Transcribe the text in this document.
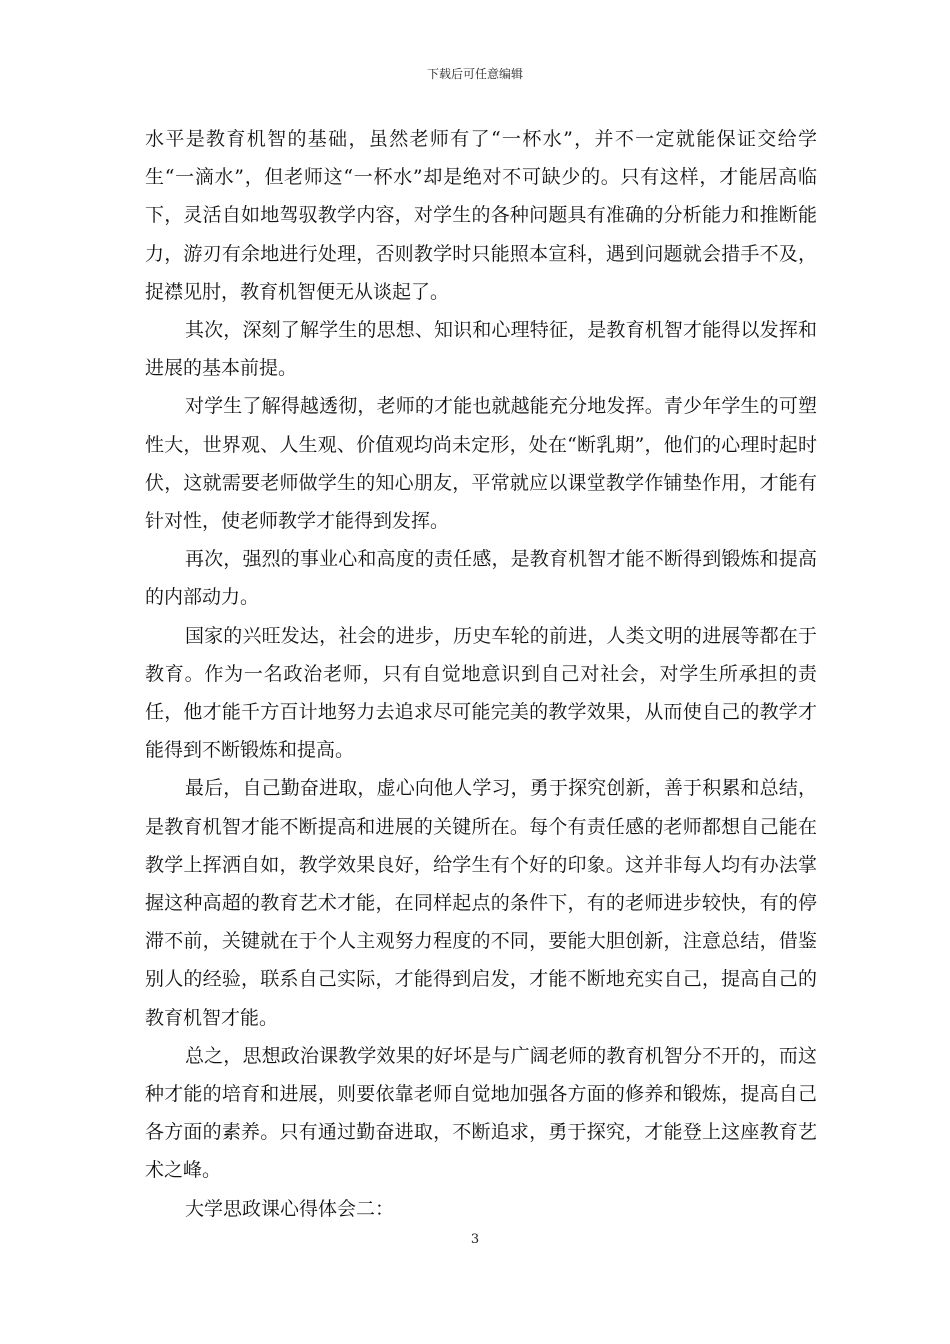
下载后可任意编辑

水平是教育机智的基础，虽然老师有了“一杯水”，并不一定就能保证交给学生“一滴水”，但老师这“一杯水”却是绝对不可缺少的。只有这样，才能居高临下，灵活自如地驾驭教学内容，对学生的各种问题具有准确的分析能力和推断能力，游刃有余地进行处理，否则教学时只能照本宣科，遇到问题就会措手不及，捉襟见肘，教育机智便无从谈起了。

其次，深刻了解学生的思想、知识和心理特征，是教育机智才能得以发挥和进展的基本前提。

对学生了解得越透彻，老师的才能也就越能充分地发挥。青少年学生的可塑性大，世界观、人生观、价值观均尚未定形，处在“断乳期”，他们的心理时起时伏，这就需要老师做学生的知心朋友，平常就应以课堂教学作铺垫作用，才能有针对性，使老师教学才能得到发挥。

再次，强烈的事业心和高度的责任感，是教育机智才能不断得到锻炼和提高的内部动力。

国家的兴旺发达，社会的进步，历史车轮的前进，人类文明的进展等都在于教育。作为一名政治老师，只有自觉地意识到自己对社会，对学生所承担的责任，他才能千方百计地努力去追求尽可能完美的教学效果，从而使自己的教学才能得到不断锻炼和提高。

最后，自己勤奋进取，虚心向他人学习，勇于探究创新，善于积累和总结，是教育机智才能不断提高和进展的关键所在。每个有责任感的老师都想自己能在教学上挥洒自如，教学效果良好，给学生有个好的印象。这并非每人均有办法掌握这种高超的教育艺术才能，在同样起点的条件下，有的老师进步较快，有的停滞不前，关键就在于个人主观努力程度的不同，要能大胆创新，注意总结，借鉴别人的经验，联系自己实际，才能得到启发，才能不断地充实自己，提高自己的教育机智才能。

总之，思想政治课教学效果的好坏是与广阔老师的教育机智分不开的，而这种才能的培育和进展，则要依靠老师自觉地加强各方面的修养和锻炼，提高自己各方面的素养。只有通过勤奋进取，不断追求，勇于探究，才能登上这座教育艺术之峰。

大学思政课心得体会二：

3
